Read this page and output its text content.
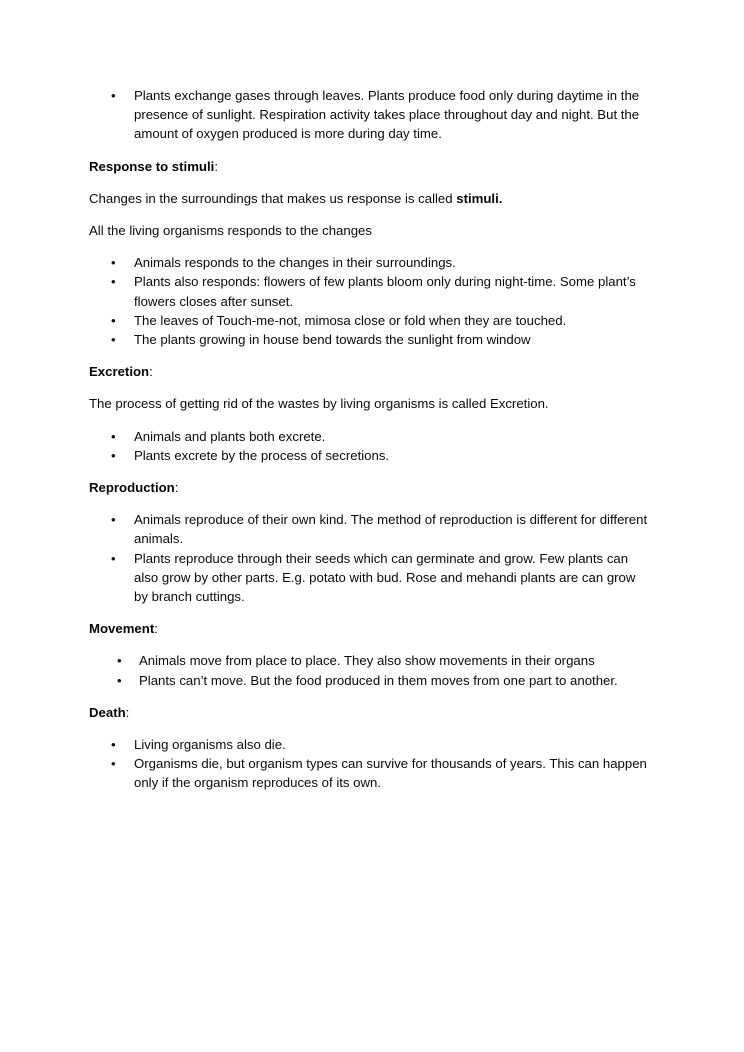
•	Plants exchange gases through leaves. Plants produce food only during daytime in the presence of sunlight. Respiration activity takes place throughout day and night. But the amount of oxygen produced is more during day time.

Response to stimuli:

Changes in the surroundings that makes us response is called stimuli.

All the living organisms responds to the changes

•	Animals responds to the changes in their surroundings.
•	Plants also responds: flowers of few plants bloom only during night-time. Some plant’s flowers closes after sunset.
•	The leaves of Touch-me-not, mimosa close or fold when they are touched.
•	The plants growing in house bend towards the sunlight from window

Excretion:

The process of getting rid of the wastes by living organisms is called Excretion.

•	Animals and plants both excrete.
•	Plants excrete by the process of secretions.

Reproduction:

•	Animals reproduce of their own kind. The method of reproduction is different for different animals.
•	Plants reproduce through their seeds which can germinate and grow. Few plants can also grow by other parts. E.g. potato with bud. Rose and mehandi plants are can grow by branch cuttings.

Movement:

•	Animals move from place to place. They also show movements in their organs
•	Plants can’t move. But the food produced in them moves from one part to another.

Death:

•	Living organisms also die.
•	Organisms die, but organism types can survive for thousands of years. This can happen only if the organism reproduces of its own.
